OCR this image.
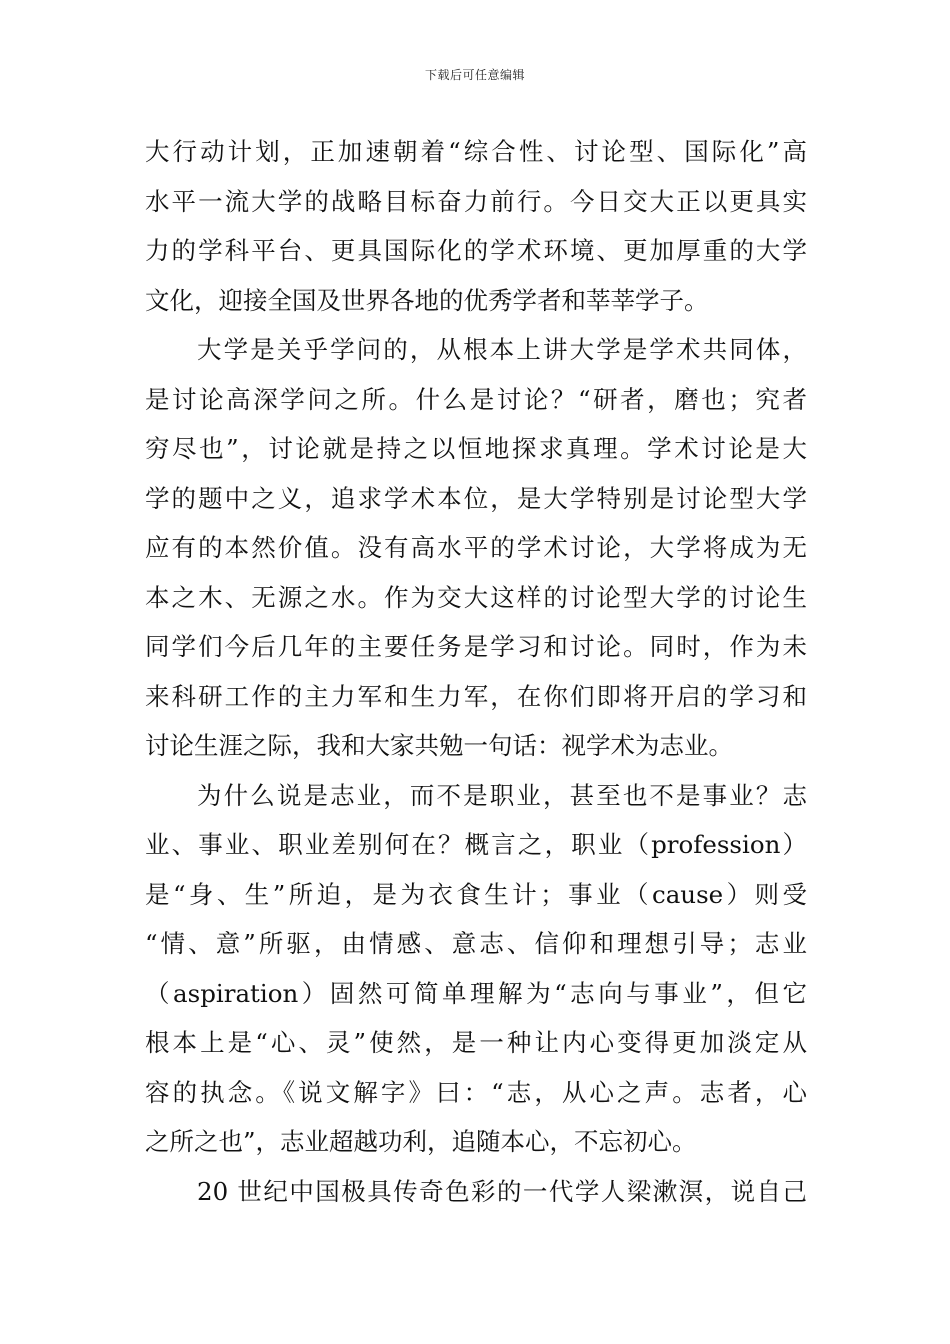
下载后可任意编辑
大行动计划，正加速朝着“综合性、讨论型、国际化”高
水平一流大学的战略目标奋力前行。今日交大正以更具实
力的学科平台、更具国际化的学术环境、更加厚重的大学
文化，迎接全国及世界各地的优秀学者和莘莘学子。
大学是关乎学问的，从根本上讲大学是学术共同体，
是讨论高深学问之所。什么是讨论？“研者，磨也；究者
穷尽也”，讨论就是持之以恒地探求真理。学术讨论是大
学的题中之义，追求学术本位，是大学特别是讨论型大学
应有的本然价值。没有高水平的学术讨论，大学将成为无
本之木、无源之水。作为交大这样的讨论型大学的讨论生
同学们今后几年的主要任务是学习和讨论。同时，作为未
来科研工作的主力军和生力军，在你们即将开启的学习和
讨论生涯之际，我和大家共勉一句话：视学术为志业。
为什么说是志业，而不是职业，甚至也不是事业？志
业、事业、职业差别何在？概言之，职业（profession）
是“身、生”所迫，是为衣食生计；事业（cause）则受
“情、意”所驱，由情感、意志、信仰和理想引导；志业
（aspiration）固然可简单理解为“志向与事业”，但它
根本上是“心、灵”使然，是一种让内心变得更加淡定从
容的执念。《说文解字》曰：“志，从心之声。志者，心
之所之也”，志业超越功利，追随本心，不忘初心。
20 世纪中国极具传奇色彩的一代学人梁漱溟，说自己
